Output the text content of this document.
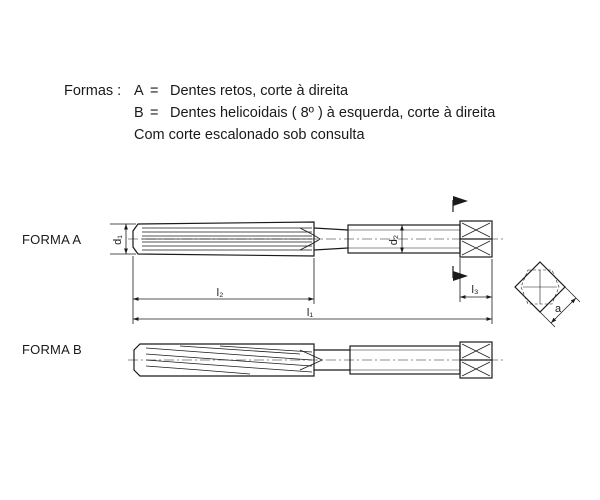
Formas : A = Dentes retos, corte à direita
B = Dentes helicoidais ( 8º ) à esquerda, corte à direita
Com corte escalonado sob consulta
FORMA A
FORMA B
d₁	d₂
l₂
l₁
l₃
a
